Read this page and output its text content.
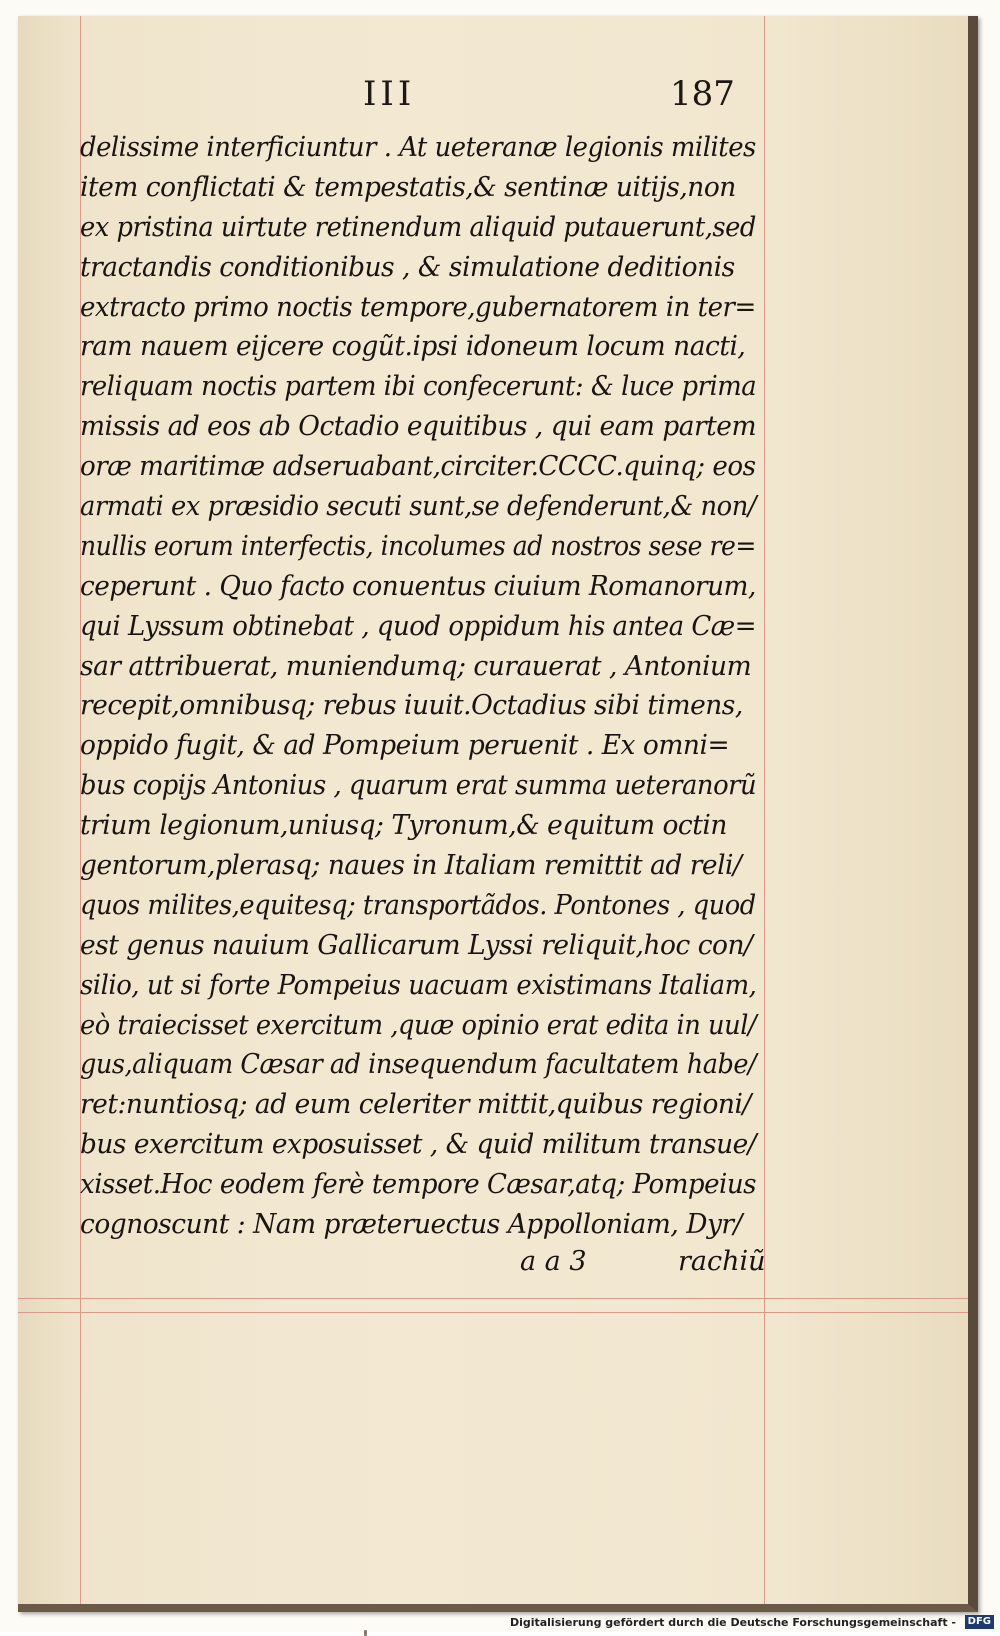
III	187
delissime interficiuntur . At ueteranæ legionis milites
item conflictati & tempestatis,& sentinæ uitijs,non
ex pristina uirtute retinendum aliquid putauerunt,sed
tractandis conditionibus , & simulatione deditionis
extracto primo noctis tempore,gubernatorem in ter=
ram nauem eijcere cogũt.ipsi idoneum locum nacti,
reliquam noctis partem ibi confecerunt: & luce prima
missis ad eos ab Octadio equitibus , qui eam partem
oræ maritimæ adseruabant,circiter.CCCC.quinq; eos
armati ex præsidio secuti sunt,se defenderunt,& non/
nullis eorum interfectis, incolumes ad nostros sese re=
ceperunt . Quo facto conuentus ciuium Romanorum,
qui Lyssum obtinebat , quod oppidum his antea Cæ=
sar attribuerat, muniendumq; curauerat , Antonium
recepit,omnibusq; rebus iuuit.Octadius sibi timens,
oppido fugit, & ad Pompeium peruenit . Ex omni=
bus copijs Antonius , quarum erat summa ueteranorũ
trium legionum,uniusq; Tyronum,& equitum octin
gentorum,plerasq; naues in Italiam remittit ad reli/
quos milites,equitesq; transportãdos. Pontones , quod
est genus nauium Gallicarum Lyssi reliquit,hoc con/
silio, ut si forte Pompeius uacuam existimans Italiam,
eò traiecisset exercitum ,quæ opinio erat edita in uul/
gus,aliquam Cæsar ad insequendum facultatem habe/
ret:nuntiosq; ad eum celeriter mittit,quibus regioni/
bus exercitum exposuisset , & quid militum transue/
xisset.Hoc eodem ferè tempore Cæsar,atq; Pompeius
cognoscunt : Nam præteruectus Appolloniam, Dyr/
a a 3	rachiũ
Digitalisierung gefördert durch die Deutsche Forschungsgemeinschaft -	DFG
